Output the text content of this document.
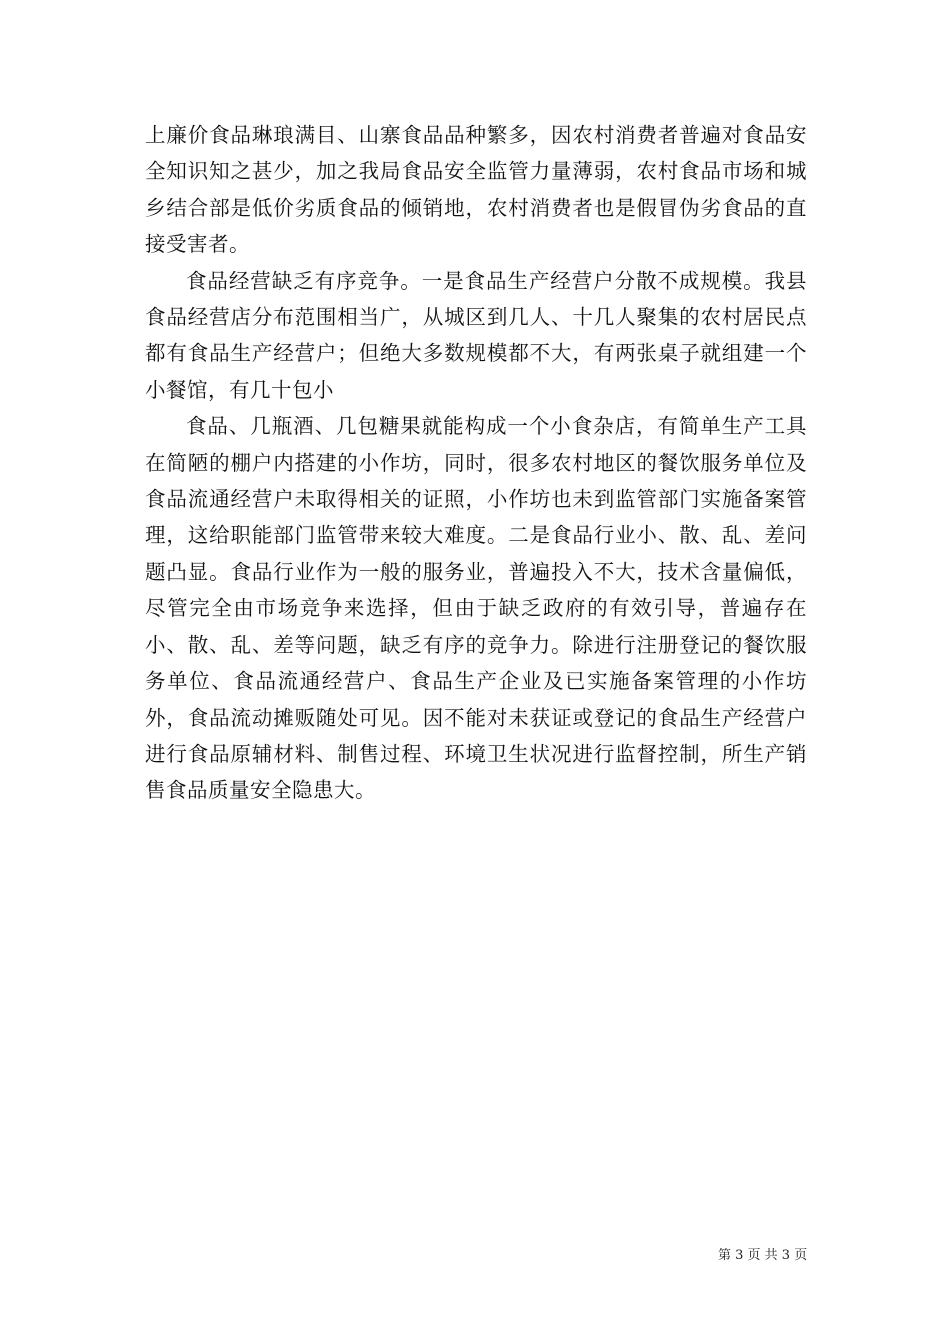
上廉价食品琳琅满目、山寨食品品种繁多，因农村消费者普遍对食品安全知识知之甚少，加之我局食品安全监管力量薄弱，农村食品市场和城乡结合部是低价劣质食品的倾销地，农村消费者也是假冒伪劣食品的直接受害者。

食品经营缺乏有序竞争。一是食品生产经营户分散不成规模。我县食品经营店分布范围相当广，从城区到几人、十几人聚集的农村居民点都有食品生产经营户；但绝大多数规模都不大，有两张桌子就组建一个小餐馆，有几十包小

食品、几瓶酒、几包糖果就能构成一个小食杂店，有简单生产工具在简陋的棚户内搭建的小作坊，同时，很多农村地区的餐饮服务单位及食品流通经营户未取得相关的证照，小作坊也未到监管部门实施备案管理，这给职能部门监管带来较大难度。二是食品行业小、散、乱、差问题凸显。食品行业作为一般的服务业，普遍投入不大，技术含量偏低，尽管完全由市场竞争来选择，但由于缺乏政府的有效引导，普遍存在小、散、乱、差等问题，缺乏有序的竞争力。除进行注册登记的餐饮服务单位、食品流通经营户、食品生产企业及已实施备案管理的小作坊外，食品流动摊贩随处可见。因不能对未获证或登记的食品生产经营户进行食品原辅材料、制售过程、环境卫生状况进行监督控制，所生产销售食品质量安全隐患大。

第 3 页 共 3 页
